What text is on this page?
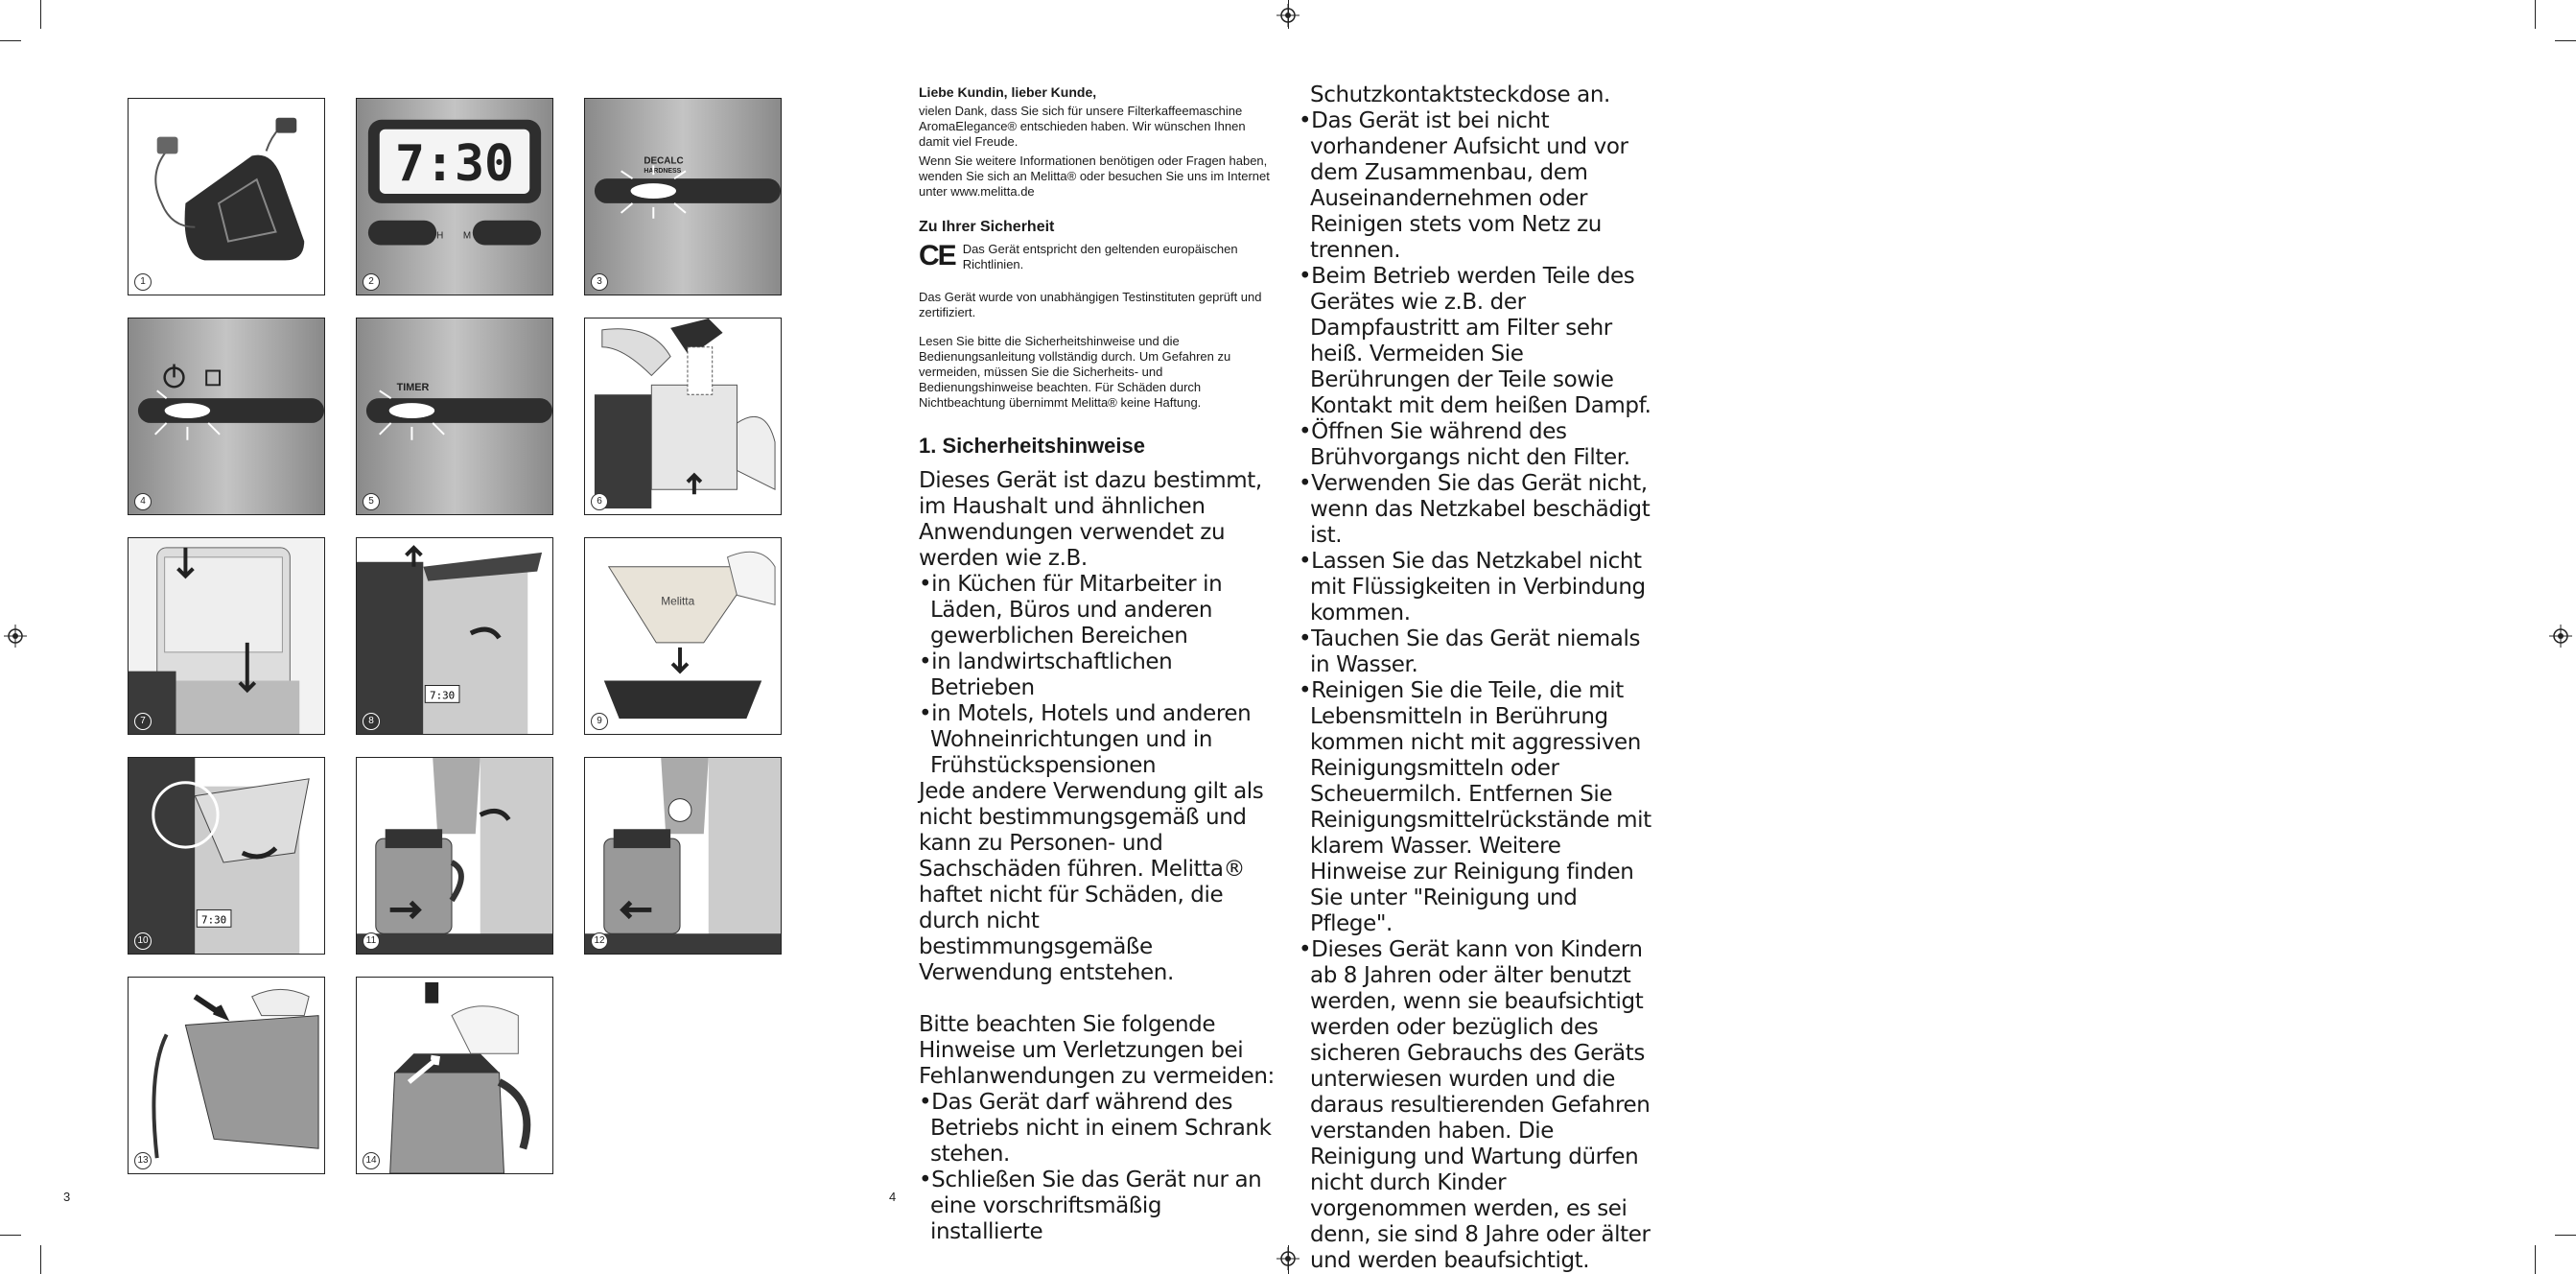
1
7:30
H M
2
DECALC
HARDNESS
3
4
TIMER
5	6
7
7:30
8
Melitta
9
7:30
10	11	12
13	14
3	4

Liebe Kundin, lieber Kunde,

vielen Dank, dass Sie sich für unsere Filterkaffeemaschine AromaElegance® entschieden haben. Wir wünschen Ihnen damit viel Freude.

Wenn Sie weitere Informationen benötigen oder Fragen haben, wenden Sie sich an Melitta® oder besuchen Sie uns im Internet unter www.melitta.de

Zu Ihrer Sicherheit

CE Das Gerät entspricht den geltenden europäischen Richtlinien.

Das Gerät wurde von unabhängigen Testinstituten geprüft und zertifiziert.

Lesen Sie bitte die Sicherheitshinweise und die Bedienungsanleitung vollständig durch. Um Gefahren zu vermeiden, müssen Sie die Sicherheits- und Bedienungshinweise beachten. Für Schäden durch Nichtbeachtung übernimmt Melitta® keine Haftung.

1. Sicherheitshinweise

Dieses Gerät ist dazu bestimmt, im Haushalt und ähnlichen Anwendungen verwendet zu werden wie z.B.

•in Küchen für Mitarbeiter in Läden, Büros und anderen gewerblichen Bereichen

•in landwirtschaftlichen Betrieben

•in Motels, Hotels und anderen Wohneinrichtungen und in Frühstückspensionen

Jede andere Verwendung gilt als nicht bestimmungsgemäß und kann zu Personen- und Sachschäden führen. Melitta® haftet nicht für Schäden, die durch nicht bestimmungsgemäße Verwendung entstehen.

Bitte beachten Sie folgende Hinweise um Verletzungen bei Fehlanwendungen zu vermeiden:

•Das Gerät darf während des Betriebs nicht in einem Schrank stehen.

•Schließen Sie das Gerät nur an eine vorschriftsmäßig installierte

Schutzkontaktsteckdose an.

•Das Gerät ist bei nicht vorhandener Aufsicht und vor dem Zusammenbau, dem Auseinandernehmen oder Reinigen stets vom Netz zu trennen.

•Beim Betrieb werden Teile des Gerätes wie z.B. der Dampfaustritt am Filter sehr heiß. Vermeiden Sie Berührungen der Teile sowie Kontakt mit dem heißen Dampf.

•Öffnen Sie während des Brühvorgangs nicht den Filter.

•Verwenden Sie das Gerät nicht, wenn das Netzkabel beschädigt ist.

•Lassen Sie das Netzkabel nicht mit Flüssigkeiten in Verbindung kommen.

•Tauchen Sie das Gerät niemals in Wasser.

•Reinigen Sie die Teile, die mit Lebensmitteln in Berührung kommen nicht mit aggressiven Reinigungsmitteln oder Scheuermilch. Entfernen Sie Reinigungsmittelrückstände mit klarem Wasser. Weitere Hinweise zur Reinigung finden Sie unter "Reinigung und Pflege".

•Dieses Gerät kann von Kindern ab 8 Jahren oder älter benutzt werden, wenn sie beaufsichtigt werden oder bezüglich des sicheren Gebrauchs des Geräts unterwiesen wurden und die daraus resultierenden Gefahren verstanden haben. Die Reinigung und Wartung dürfen nicht durch Kinder vorgenommen werden, es sei denn, sie sind 8 Jahre oder älter und werden beaufsichtigt.
